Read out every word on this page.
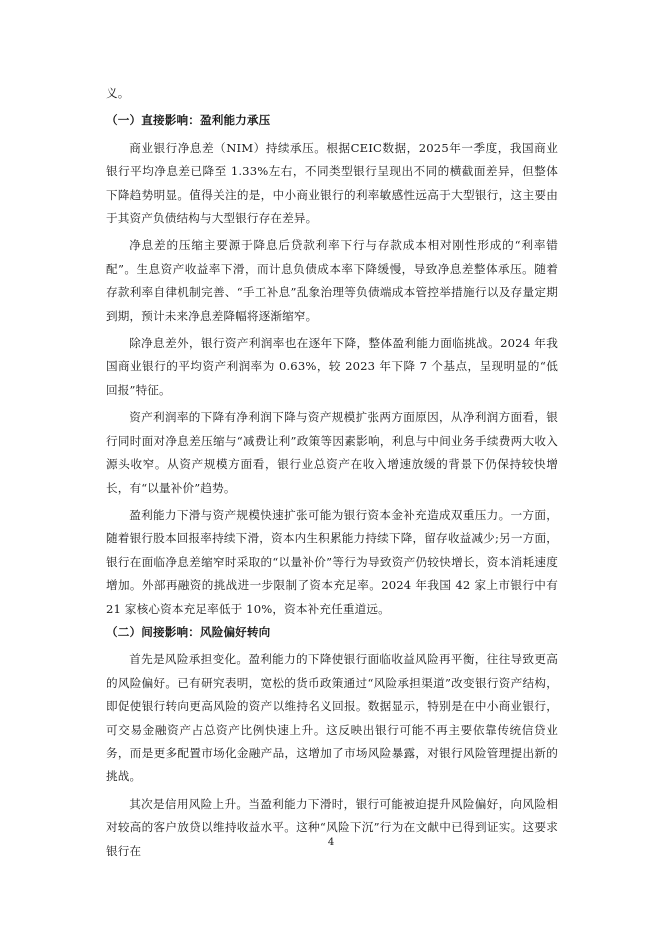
义。

（一）直接影响：盈利能力承压

商业银行净息差（NIM）持续承压。根据CEIC数据，2025年一季度，我国商业银行平均净息差已降至 1.33%左右，不同类型银行呈现出不同的横截面差异，但整体下降趋势明显。值得关注的是，中小商业银行的利率敏感性远高于大型银行，这主要由于其资产负债结构与大型银行存在差异。

净息差的压缩主要源于降息后贷款利率下行与存款成本相对刚性形成的“利率错配”。生息资产收益率下滑，而计息负债成本率下降缓慢，导致净息差整体承压。随着存款利率自律机制完善、“手工补息”乱象治理等负债端成本管控举措施行以及存量定期到期，预计未来净息差降幅将逐渐缩窄。

除净息差外，银行资产利润率也在逐年下降，整体盈利能力面临挑战。2024 年我国商业银行的平均资产利润率为 0.63%，较 2023 年下降 7 个基点，呈现明显的“低回报”特征。

资产利润率的下降有净利润下降与资产规模扩张两方面原因，从净利润方面看，银行同时面对净息差压缩与“减费让利”政策等因素影响，利息与中间业务手续费两大收入源头收窄。从资产规模方面看，银行业总资产在收入增速放缓的背景下仍保持较快增长，有“以量补价”趋势。

盈利能力下滑与资产规模快速扩张可能为银行资本金补充造成双重压力。一方面，随着银行股本回报率持续下滑，资本内生积累能力持续下降，留存收益减少;另一方面，银行在面临净息差缩窄时采取的“以量补价”等行为导致资产仍较快增长，资本消耗速度增加。外部再融资的挑战进一步限制了资本充足率。2024 年我国 42 家上市银行中有 21 家核心资本充足率低于 10%，资本补充任重道远。

（二）间接影响：风险偏好转向

首先是风险承担变化。盈利能力的下降使银行面临收益风险再平衡，往往导致更高的风险偏好。已有研究表明，宽松的货币政策通过“风险承担渠道”改变银行资产结构，即促使银行转向更高风险的资产以维持名义回报。数据显示，特别是在中小商业银行，可交易金融资产占总资产比例快速上升。这反映出银行可能不再主要依靠传统信贷业务，而是更多配置市场化金融产品，这增加了市场风险暴露，对银行风险管理提出新的挑战。

其次是信用风险上升。当盈利能力下滑时，银行可能被迫提升风险偏好，向风险相对较高的客户放贷以维持收益水平。这种“风险下沉”行为在文献中已得到证实。这要求银行在

4
